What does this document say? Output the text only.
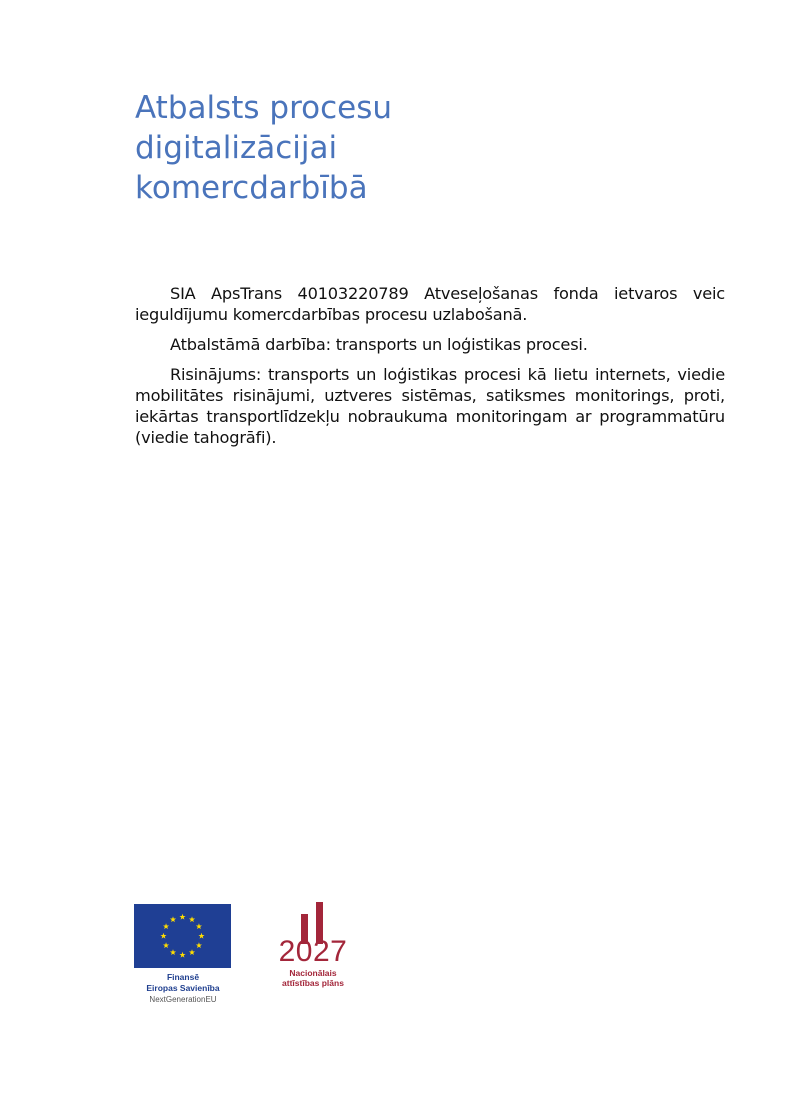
Atbalsts procesu
digitalizācijai
komercdarbībā

SIA ApsTrans 40103220789 Atveseļošanas fonda ietvaros veic ieguldījumu komercdarbības procesu uzlabošanā.

Atbalstāmā darbība: transports un loģistikas procesi.

Risinājums: transports un loģistikas procesi kā lietu internets, viedie mobilitātes risinājumi, uztveres sistēmas, satiksmes monitorings, proti, iekārtas transportlīdzekļu nobraukuma monitoringam ar programmatūru (viedie tahogrāfi).

Finansē
Eiropas Savienība
NextGenerationEU
2027
Nacionālais
attīstības plāns
